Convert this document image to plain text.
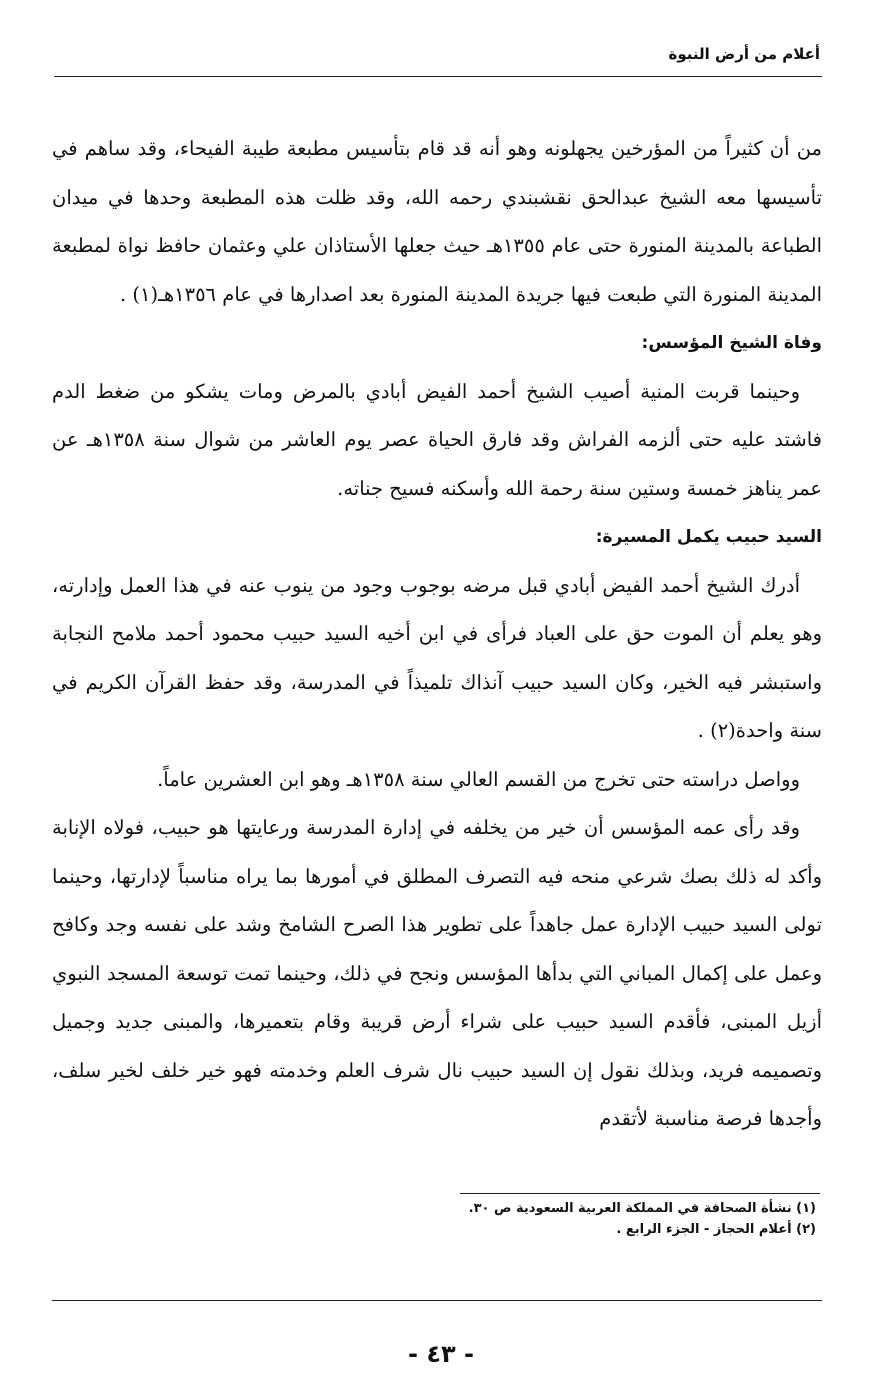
أعلام من أرض النبوة

من أن كثيراً من المؤرخين يجهلونه وهو أنه قد قام بتأسيس مطبعة طيبة الفيحاء، وقد ساهم في تأسيسها معه الشيخ عبدالحق نقشبندي رحمه الله، وقد ظلت هذه المطبعة وحدها في ميدان الطباعة بالمدينة المنورة حتى عام ١٣٥٥هـ حيث جعلها الأستاذان علي وعثمان حافظ نواة لمطبعة المدينة المنورة التي طبعت فيها جريدة المدينة المنورة بعد اصدارها في عام ١٣٥٦هـ(١) .

وفاة الشيخ المؤسس:

وحينما قربت المنية أصيب الشيخ أحمد الفيض أبادي بالمرض ومات يشكو من ضغط الدم فاشتد عليه حتى ألزمه الفراش وقد فارق الحياة عصر يوم العاشر من شوال سنة ١٣٥٨هـ عن عمر يناهز خمسة وستين سنة رحمة الله وأسكنه فسيح جناته.

السيد حبيب يكمل المسيرة:

أدرك الشيخ أحمد الفيض أبادي قبل مرضه بوجوب وجود من ينوب عنه في هذا العمل وإدارته، وهو يعلم أن الموت حق على العباد فرأى في ابن أخيه السيد حبيب محمود أحمد ملامح النجابة واستبشر فيه الخير، وكان السيد حبيب آنذاك تلميذاً في المدرسة، وقد حفظ القرآن الكريم في سنة واحدة(٢) .

وواصل دراسته حتى تخرج من القسم العالي سنة ١٣٥٨هـ وهو ابن العشرين عاماً.

وقد رأى عمه المؤسس أن خير من يخلفه في إدارة المدرسة ورعايتها هو حبيب، فولاه الإنابة وأكد له ذلك بصك شرعي منحه فيه التصرف المطلق في أمورها بما يراه مناسباً لإدارتها، وحينما تولى السيد حبيب الإدارة عمل جاهداً على تطوير هذا الصرح الشامخ وشد على نفسه وجد وكافح وعمل على إكمال المباني التي بدأها المؤسس ونجح في ذلك، وحينما تمت توسعة المسجد النبوي أزيل المبنى، فأقدم السيد حبيب على شراء أرض قريبة وقام بتعميرها، والمبنى جديد وجميل وتصميمه فريد، وبذلك نقول إن السيد حبيب نال شرف العلم وخدمته فهو خير خلف لخير سلف، وأجدها فرصة مناسبة لأتقدم

(١) نشأة الصحافة في المملكة العربية السعودية ص ٣٠.
(٢) أعلام الحجاز - الجزء الرابع .
- ٤٣ -
